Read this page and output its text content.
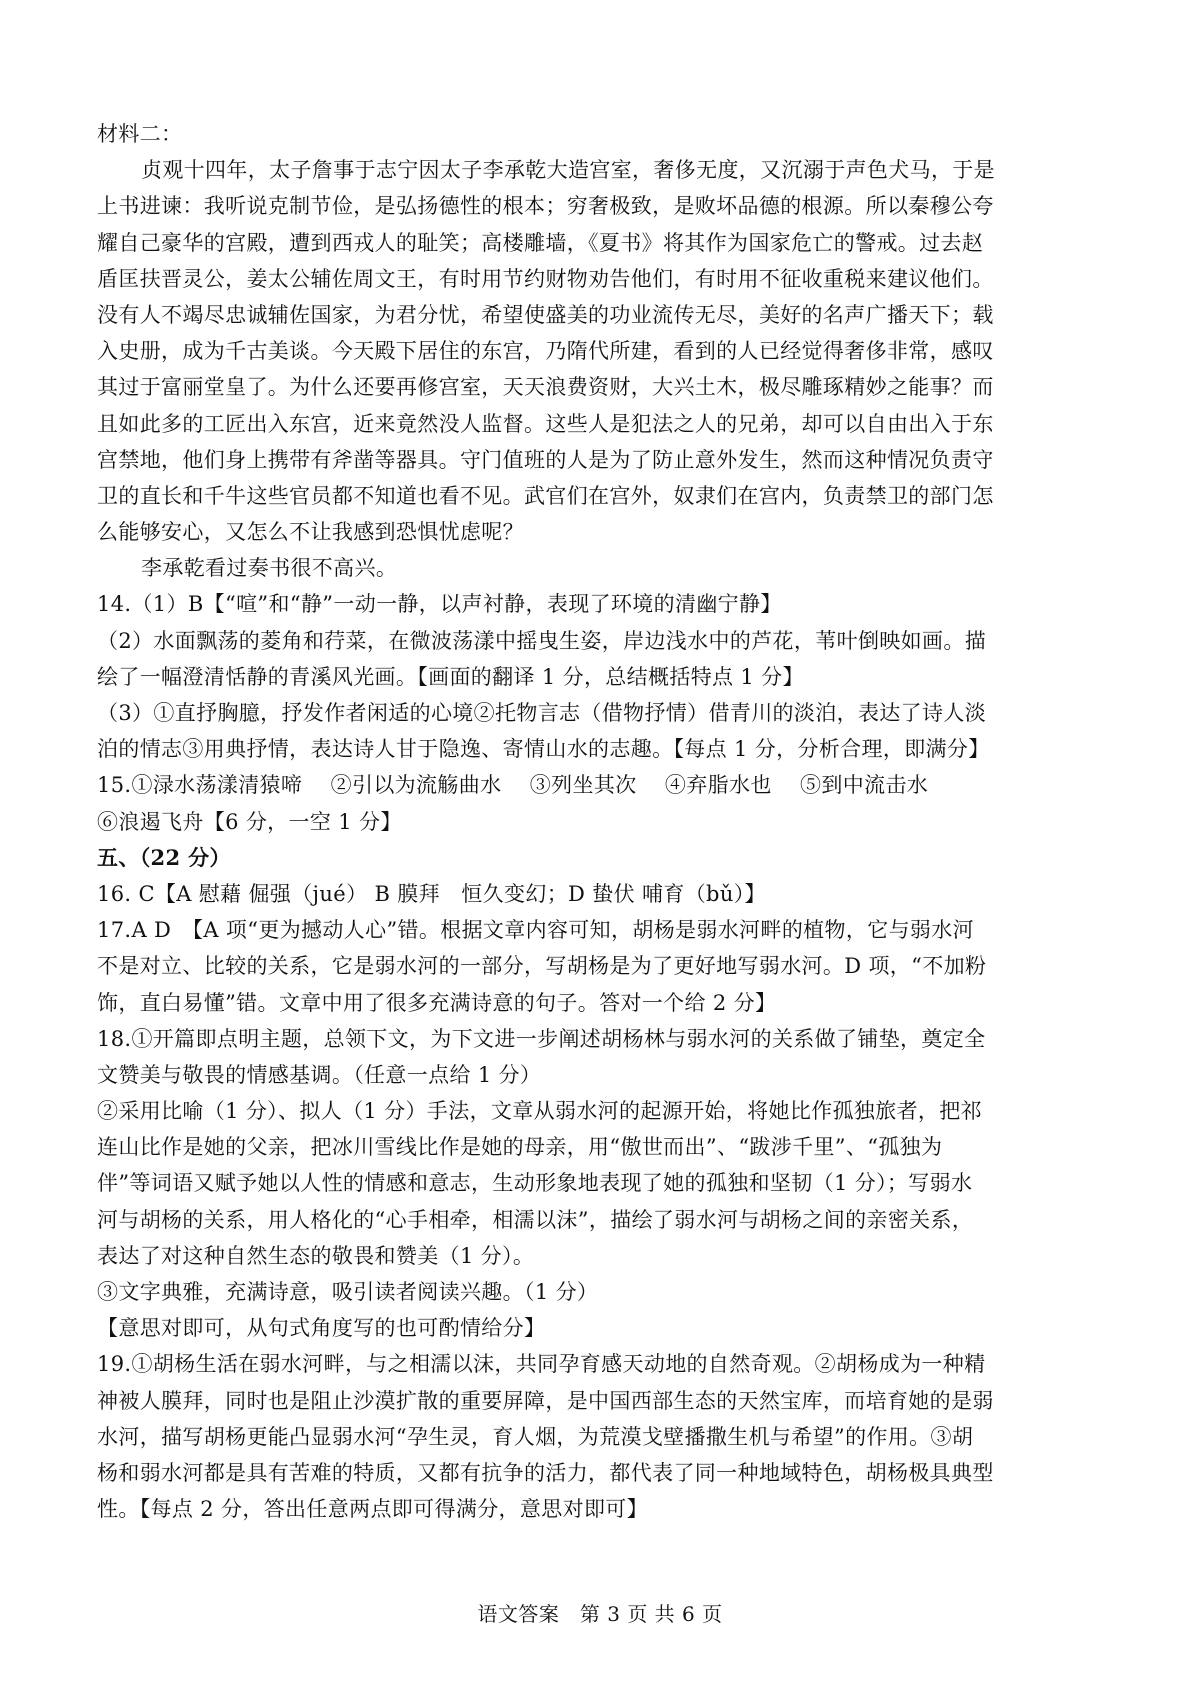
材料二：
贞观十四年，太子詹事于志宁因太子李承乾大造宫室，奢侈无度，又沉溺于声色犬马，于是
上书进谏：我听说克制节俭，是弘扬德性的根本；穷奢极致，是败坏品德的根源。所以秦穆公夸
耀自己豪华的宫殿，遭到西戎人的耻笑；高楼雕墙，《夏书》将其作为国家危亡的警戒。过去赵
盾匡扶晋灵公，姜太公辅佐周文王，有时用节约财物劝告他们，有时用不征收重税来建议他们。
没有人不竭尽忠诚辅佐国家，为君分忧，希望使盛美的功业流传无尽，美好的名声广播天下；载
入史册，成为千古美谈。今天殿下居住的东宫，乃隋代所建，看到的人已经觉得奢侈非常，感叹
其过于富丽堂皇了。为什么还要再修宫室，天天浪费资财，大兴土木，极尽雕琢精妙之能事？而
且如此多的工匠出入东宫，近来竟然没人监督。这些人是犯法之人的兄弟，却可以自由出入于东
宫禁地，他们身上携带有斧凿等器具。守门值班的人是为了防止意外发生，然而这种情况负责守
卫的直长和千牛这些官员都不知道也看不见。武官们在宫外，奴隶们在宫内，负责禁卫的部门怎
么能够安心，又怎么不让我感到恐惧忧虑呢？
李承乾看过奏书很不高兴。
14.（1）B【“喧”和“静”一动一静，以声衬静，表现了环境的清幽宁静】
（2）水面飘荡的菱角和荇菜，在微波荡漾中摇曳生姿，岸边浅水中的芦花，苇叶倒映如画。描
绘了一幅澄清恬静的青溪风光画。【画面的翻译 1 分，总结概括特点 1 分】
（3）①直抒胸臆，抒发作者闲适的心境②托物言志（借物抒情）借青川的淡泊，表达了诗人淡
泊的情志③用典抒情，表达诗人甘于隐逸、寄情山水的志趣。【每点 1 分，分析合理，即满分】
15.①渌水荡漾清猿啼　 ②引以为流觞曲水　 ③列坐其次　 ④弃脂水也　 ⑤到中流击水
⑥浪遏飞舟【6 分，一空 1 分】
五、（22 分）
16. C【A 慰藉 倔强（jué） B 膜拜　恒久变幻；D 蛰伏 哺育（bǔ）】
17.A D　【A 项“更为撼动人心”错。根据文章内容可知，胡杨是弱水河畔的植物，它与弱水河
不是对立、比较的关系，它是弱水河的一部分，写胡杨是为了更好地写弱水河。D 项，“不加粉
饰，直白易懂”错。文章中用了很多充满诗意的句子。答对一个给 2 分】
18.①开篇即点明主题，总领下文，为下文进一步阐述胡杨林与弱水河的关系做了铺垫，奠定全
文赞美与敬畏的情感基调。（任意一点给 1 分）
②采用比喻（1 分）、拟人（1 分）手法，文章从弱水河的起源开始，将她比作孤独旅者，把祁
连山比作是她的父亲，把冰川雪线比作是她的母亲，用“傲世而出”、“跋涉千里”、“孤独为
伴”等词语又赋予她以人性的情感和意志，生动形象地表现了她的孤独和坚韧（1 分）；写弱水
河与胡杨的关系，用人格化的“心手相牵，相濡以沫”，描绘了弱水河与胡杨之间的亲密关系，
表达了对这种自然生态的敬畏和赞美（1 分）。
③文字典雅，充满诗意，吸引读者阅读兴趣。（1 分）
【意思对即可，从句式角度写的也可酌情给分】
19.①胡杨生活在弱水河畔，与之相濡以沫，共同孕育感天动地的自然奇观。②胡杨成为一种精
神被人膜拜，同时也是阻止沙漠扩散的重要屏障，是中国西部生态的天然宝库，而培育她的是弱
水河，描写胡杨更能凸显弱水河“孕生灵，育人烟，为荒漠戈壁播撒生机与希望”的作用。③胡
杨和弱水河都是具有苦难的特质，又都有抗争的活力，都代表了同一种地域特色，胡杨极具典型
性。【每点 2 分，答出任意两点即可得满分，意思对即可】
语文答案　第 3 页 共 6 页
